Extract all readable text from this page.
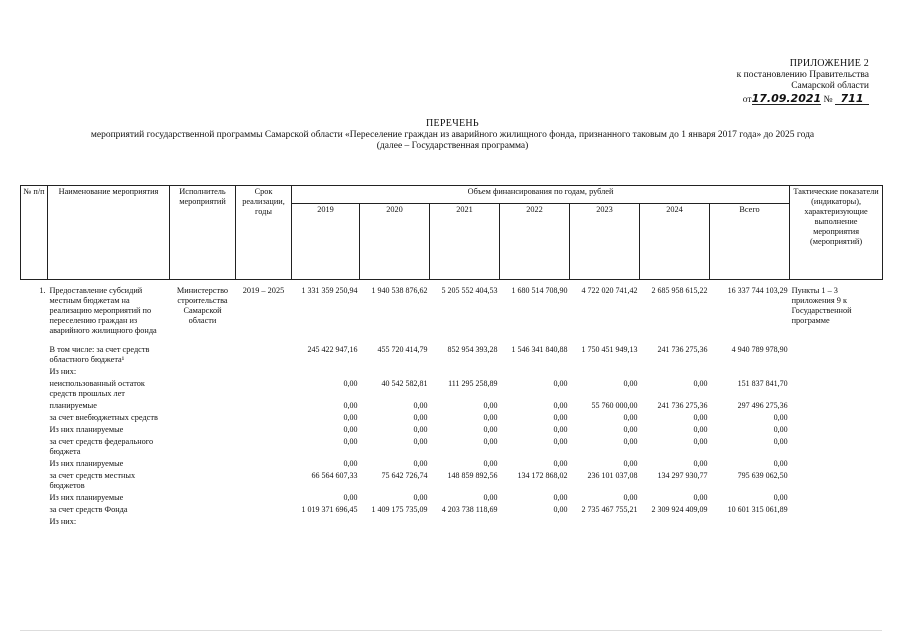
ПРИЛОЖЕНИЕ 2
к постановлению Правительства
Самарской области
от17.09.2021 № 711
ПЕРЕЧЕНЬ
мероприятий государственной программы Самарской области «Переселение граждан из аварийного жилищного фонда, признанного таковым до 1 января 2017 года» до 2025 года
(далее – Государственная программа)
№ п/п	Наименование мероприятия	Исполнитель мероприятий	Срок реализации, годы	Объем финансирования по годам, рублей							Тактические показатели (индикаторы), характеризующие выполнение мероприятия (мероприятий)
				2019	2020	2021	2022	2023	2024	Всего	
1.	Предоставление субсидий местным бюджетам на реализацию мероприятий по переселению граждан из аварийного жилищного фонда	Министерство строительства Самарской области	2019 – 2025	1 331 359 250,94	1 940 538 876,62	5 205 552 404,53	1 680 514 708,90	4 722 020 741,42	2 685 958 615,22	16 337 744 103,29	Пункты 1 – 3 приложения 9 к Государственной программе
	В том числе: за счет средств областного бюджета¹			245 422 947,16	455 720 414,79	852 954 393,28	1 546 341 840,88	1 750 451 949,13	241 736 275,36	4 940 789 978,90	
	Из них:										
	неиспользованный остаток средств прошлых лет			0,00	40 542 582,81	111 295 258,89	0,00	0,00	0,00	151 837 841,70	
	планируемые			0,00	0,00	0,00	0,00	55 760 000,00	241 736 275,36	297 496 275,36	
	за счет внебюджетных средств			0,00	0,00	0,00	0,00	0,00	0,00	0,00	
	Из них планируемые			0,00	0,00	0,00	0,00	0,00	0,00	0,00	
	за счет средств федерального бюджета			0,00	0,00	0,00	0,00	0,00	0,00	0,00	
	Из них планируемые			0,00	0,00	0,00	0,00	0,00	0,00	0,00	
	за счет средств местных бюджетов			66 564 607,33	75 642 726,74	148 859 892,56	134 172 868,02	236 101 037,08	134 297 930,77	795 639 062,50	
	Из них планируемые			0,00	0,00	0,00	0,00	0,00	0,00	0,00	
	за счет средств Фонда			1 019 371 696,45	1 409 175 735,09	4 203 738 118,69	0,00	2 735 467 755,21	2 309 924 409,09	10 601 315 061,89	
	Из них:										
